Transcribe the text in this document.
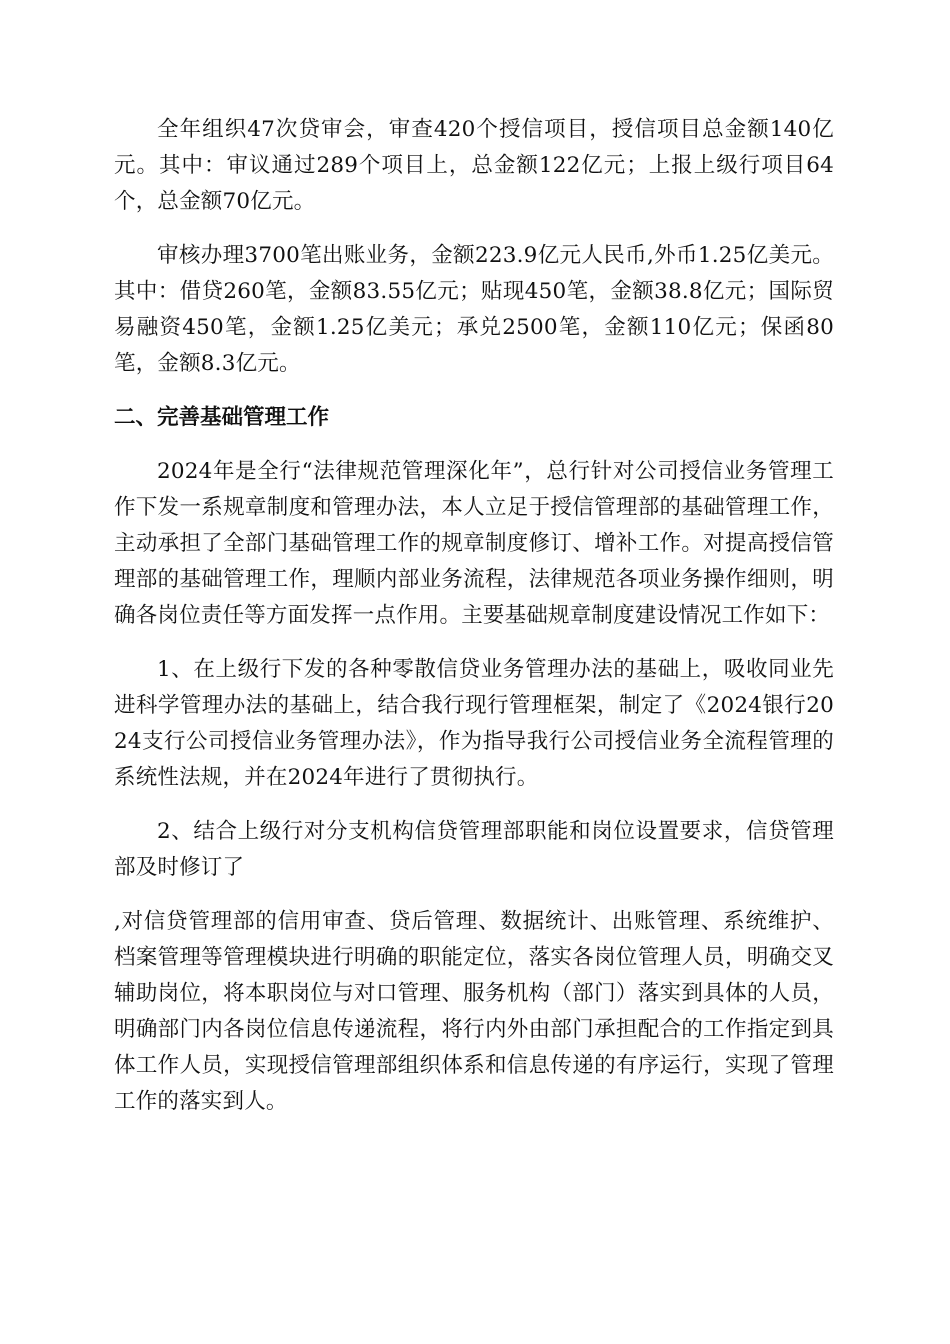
全年组织47次贷审会，审查420个授信项目，授信项目总金额140亿元。其中：审议通过289个项目上，总金额122亿元；上报上级行项目64个，总金额70亿元。

审核办理3700笔出账业务，金额223.9亿元人民币,外币1.25亿美元。其中：借贷260笔，金额83.55亿元；贴现450笔，金额38.8亿元；国际贸易融资450笔，金额1.25亿美元；承兑2500笔，金额110亿元；保函80笔，金额8.3亿元。

二、完善基础管理工作

2024年是全行“法律规范管理深化年”，总行针对公司授信业务管理工作下发一系规章制度和管理办法，本人立足于授信管理部的基础管理工作，主动承担了全部门基础管理工作的规章制度修订、增补工作。对提高授信管理部的基础管理工作，理顺内部业务流程，法律规范各项业务操作细则，明确各岗位责任等方面发挥一点作用。主要基础规章制度建设情况工作如下：

1、在上级行下发的各种零散信贷业务管理办法的基础上，吸收同业先进科学管理办法的基础上，结合我行现行管理框架，制定了《2024银行2024支行公司授信业务管理办法》，作为指导我行公司授信业务全流程管理的系统性法规，并在2024年进行了贯彻执行。

2、结合上级行对分支机构信贷管理部职能和岗位设置要求，信贷管理部及时修订了

,对信贷管理部的信用审查、贷后管理、数据统计、出账管理、系统维护、档案管理等管理模块进行明确的职能定位，落实各岗位管理人员，明确交叉辅助岗位，将本职岗位与对口管理、服务机构（部门）落实到具体的人员，明确部门内各岗位信息传递流程，将行内外由部门承担配合的工作指定到具体工作人员，实现授信管理部组织体系和信息传递的有序运行，实现了管理工作的落实到人。
